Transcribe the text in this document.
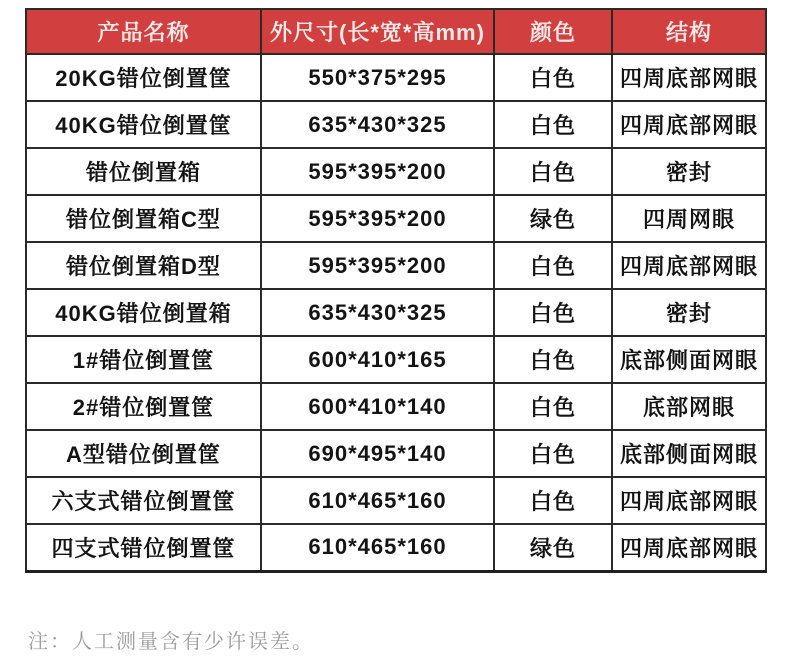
产品名称	外尺寸(长*宽*高mm)	颜色	结构
20KG错位倒置筐	550*375*295	白色	四周底部网眼
40KG错位倒置筐	635*430*325	白色	四周底部网眼
错位倒置箱	595*395*200	白色	密封
错位倒置箱C型	595*395*200	绿色	四周网眼
错位倒置箱D型	595*395*200	白色	四周底部网眼
40KG错位倒置箱	635*430*325	白色	密封
1#错位倒置筐	600*410*165	白色	底部侧面网眼
2#错位倒置筐	600*410*140	白色	底部网眼
A型错位倒置筐	690*495*140	白色	底部侧面网眼
六支式错位倒置筐	610*465*160	白色	四周底部网眼
四支式错位倒置筐	610*465*160	绿色	四周底部网眼
注：人工测量含有少许误差。
